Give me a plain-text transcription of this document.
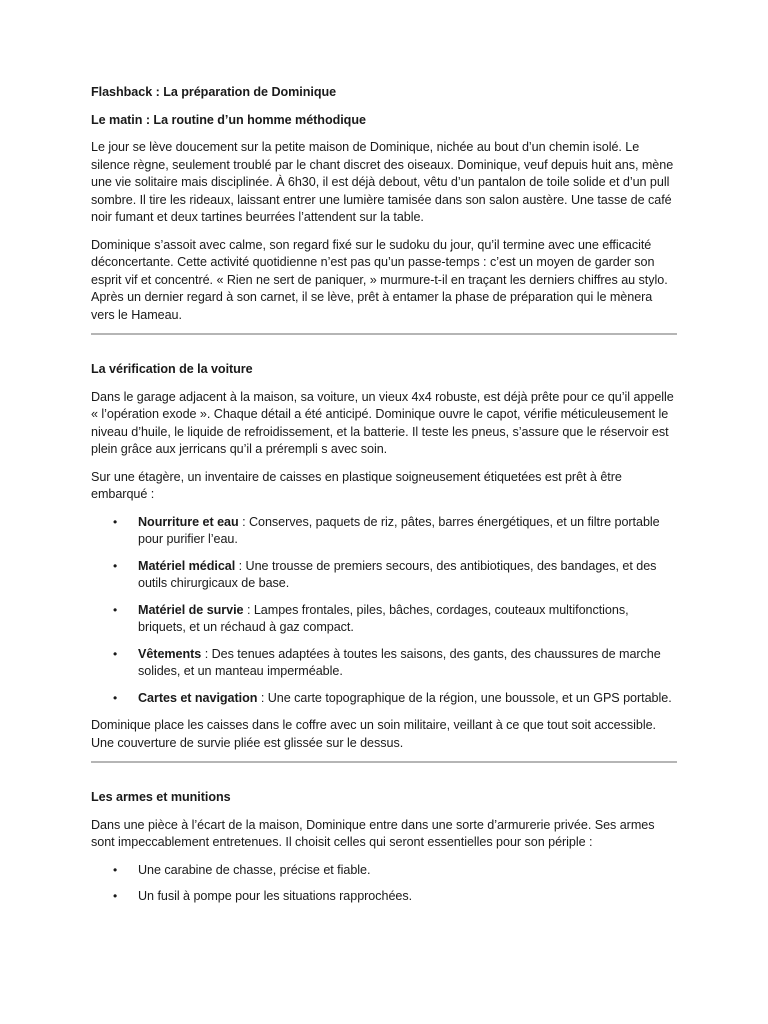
Flashback : La préparation de Dominique
Le matin : La routine d’un homme méthodique

Le jour se lève doucement sur la petite maison de Dominique, nichée au bout d’un chemin isolé. Le silence règne, seulement troublé par le chant discret des oiseaux. Dominique, veuf depuis huit ans, mène une vie solitaire mais disciplinée. À 6h30, il est déjà debout, vêtu d’un pantalon de toile solide et d’un pull sombre. Il tire les rideaux, laissant entrer une lumière tamisée dans son salon austère. Une tasse de café noir fumant et deux tartines beurrées l’attendent sur la table.

Dominique s’assoit avec calme, son regard fixé sur le sudoku du jour, qu’il termine avec une efficacité déconcertante. Cette activité quotidienne n’est pas qu’un passe-temps : c’est un moyen de garder son esprit vif et concentré. « Rien ne sert de paniquer, » murmure-t-il en traçant les derniers chiffres au stylo. Après un dernier regard à son carnet, il se lève, prêt à entamer la phase de préparation qui le mènera vers le Hameau.

La vérification de la voiture

Dans le garage adjacent à la maison, sa voiture, un vieux 4x4 robuste, est déjà prête pour ce qu’il appelle « l’opération exode ». Chaque détail a été anticipé. Dominique ouvre le capot, vérifie méticuleusement le niveau d’huile, le liquide de refroidissement, et la batterie. Il teste les pneus, s’assure que le réservoir est plein grâce aux jerricans qu’il a prérempli s avec soin.

Sur une étagère, un inventaire de caisses en plastique soigneusement étiquetées est prêt à être embarqué :

• Nourriture et eau : Conserves, paquets de riz, pâtes, barres énergétiques, et un filtre portable pour purifier l’eau.
• Matériel médical : Une trousse de premiers secours, des antibiotiques, des bandages, et des outils chirurgicaux de base.
• Matériel de survie : Lampes frontales, piles, bâches, cordages, couteaux multifonctions, briquets, et un réchaud à gaz compact.
• Vêtements : Des tenues adaptées à toutes les saisons, des gants, des chaussures de marche solides, et un manteau imperméable.
• Cartes et navigation : Une carte topographique de la région, une boussole, et un GPS portable.

Dominique place les caisses dans le coffre avec un soin militaire, veillant à ce que tout soit accessible. Une couverture de survie pliée est glissée sur le dessus.

Les armes et munitions

Dans une pièce à l’écart de la maison, Dominique entre dans une sorte d’armurerie privée. Ses armes sont impeccablement entretenues. Il choisit celles qui seront essentielles pour son périple :

• Une carabine de chasse, précise et fiable.
• Un fusil à pompe pour les situations rapprochées.
